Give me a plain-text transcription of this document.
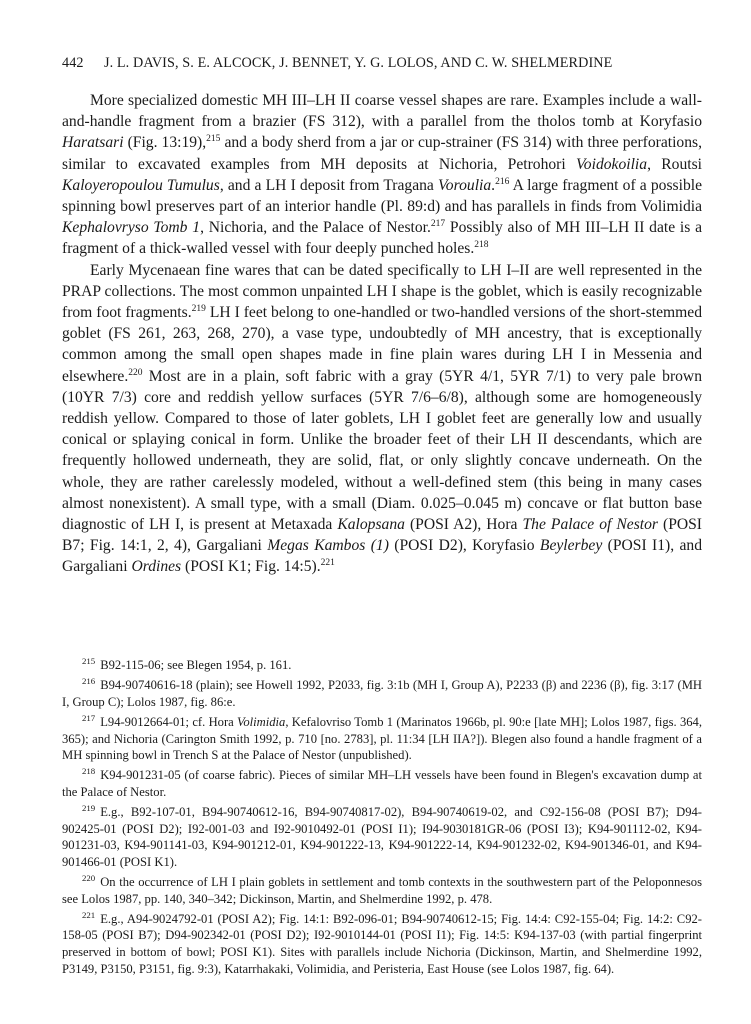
442 J. L. DAVIS, S. E. ALCOCK, J. BENNET, Y. G. LOLOS, AND C. W. SHELMERDINE

More specialized domestic MH III–LH II coarse vessel shapes are rare. Examples include a wall-and-handle fragment from a brazier (FS 312), with a parallel from the tholos tomb at Koryfasio Haratsari (Fig. 13:19),$^{215}$ and a body sherd from a jar or cup-strainer (FS 314) with three perforations, similar to excavated examples from MH deposits at Nichoria, Petrohori Voidokoilia, Routsi Kaloyeropoulou Tumulus, and a LH I deposit from Tragana Voroulia.$^{216}$ A large fragment of a possible spinning bowl preserves part of an interior handle (Pl. 89:d) and has parallels in finds from Volimidia Kephalovryso Tomb 1, Nichoria, and the Palace of Nestor.$^{217}$ Possibly also of MH III–LH II date is a fragment of a thick-walled vessel with four deeply punched holes.$^{218}$

Early Mycenaean fine wares that can be dated specifically to LH I–II are well represented in the PRAP collections. The most common unpainted LH I shape is the goblet, which is easily recognizable from foot fragments.$^{219}$ LH I feet belong to one-handled or two-handled versions of the short-stemmed goblet (FS 261, 263, 268, 270), a vase type, undoubtedly of MH ancestry, that is exceptionally common among the small open shapes made in fine plain wares during LH I in Messenia and elsewhere.$^{220}$ Most are in a plain, soft fabric with a gray (5YR 4/1, 5YR 7/1) to very pale brown (10YR 7/3) core and reddish yellow surfaces (5YR 7/6–6/8), although some are homogeneously reddish yellow. Compared to those of later goblets, LH I goblet feet are generally low and usually conical or splaying conical in form. Unlike the broader feet of their LH II descendants, which are frequently hollowed underneath, they are solid, flat, or only slightly concave underneath. On the whole, they are rather carelessly modeled, without a well-defined stem (this being in many cases almost nonexistent). A small type, with a small (Diam. 0.025–0.045 m) concave or flat button base diagnostic of LH I, is present at Metaxada Kalopsana (POSI A2), Hora The Palace of Nestor (POSI B7; Fig. 14:1, 2, 4), Gargaliani Megas Kambos (1) (POSI D2), Koryfasio Beylerbey (POSI I1), and Gargaliani Ordines (POSI K1; Fig. 14:5).$^{221}$

$^{215}$ B92-115-06; see Blegen 1954, p. 161.

$^{216}$ B94-90740616-18 (plain); see Howell 1992, P2033, fig. 3:1b (MH I, Group A), P2233 (β) and 2236 (β), fig. 3:17 (MH I, Group C); Lolos 1987, fig. 86:e.

$^{217}$ L94-9012664-01; cf. Hora Volimidia, Kefalovriso Tomb 1 (Marinatos 1966b, pl. 90:e [late MH]; Lolos 1987, figs. 364, 365); and Nichoria (Carington Smith 1992, p. 710 [no. 2783], pl. 11:34 [LH IIA?]). Blegen also found a handle fragment of a MH spinning bowl in Trench S at the Palace of Nestor (unpublished).

$^{218}$ K94-901231-05 (of coarse fabric). Pieces of similar MH–LH vessels have been found in Blegen's excavation dump at the Palace of Nestor.

$^{219}$ E.g., B92-107-01, B94-90740612-16, B94-90740817-02), B94-90740619-02, and C92-156-08 (POSI B7); D94-902425-01 (POSI D2); I92-001-03 and I92-9010492-01 (POSI I1); I94-9030181GR-06 (POSI I3); K94-901112-02, K94-901231-03, K94-901141-03, K94-901212-01, K94-901222-13, K94-901222-14, K94-901232-02, K94-901346-01, and K94-901466-01 (POSI K1).

$^{220}$ On the occurrence of LH I plain goblets in settlement and tomb contexts in the southwestern part of the Peloponnesos see Lolos 1987, pp. 140, 340–342; Dickinson, Martin, and Shelmerdine 1992, p. 478.

$^{221}$ E.g., A94-9024792-01 (POSI A2); Fig. 14:1: B92-096-01; B94-90740612-15; Fig. 14:4: C92-155-04; Fig. 14:2: C92-158-05 (POSI B7); D94-902342-01 (POSI D2); I92-9010144-01 (POSI I1); Fig. 14:5: K94-137-03 (with partial fingerprint preserved in bottom of bowl; POSI K1). Sites with parallels include Nichoria (Dickinson, Martin, and Shelmerdine 1992, P3149, P3150, P3151, fig. 9:3), Katarrhakaki, Volimidia, and Peristeria, East House (see Lolos 1987, fig. 64).
